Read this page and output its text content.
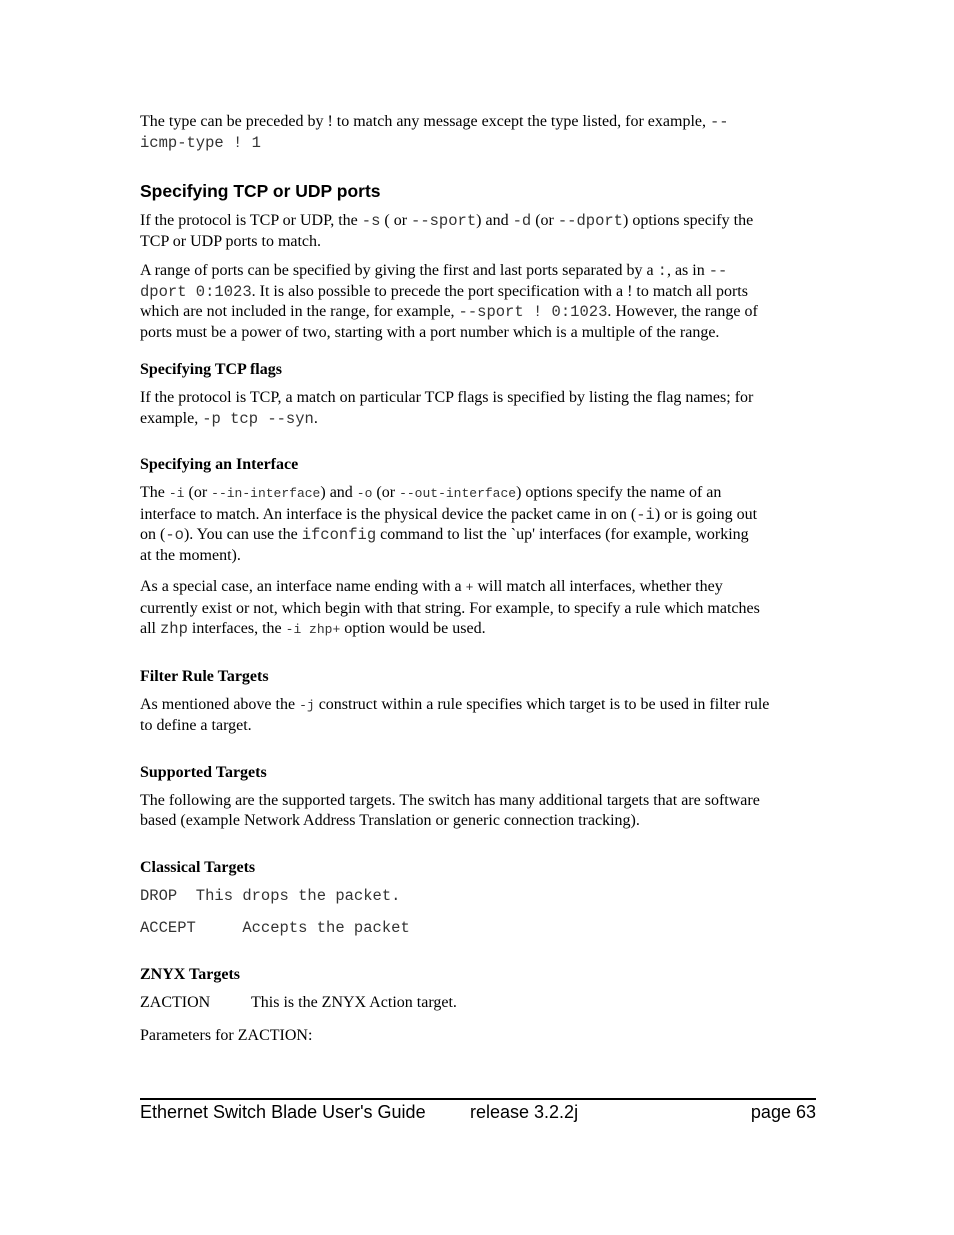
The type can be preceded by ! to match any message except the type listed, for example, --
icmp-type ! 1

Specifying TCP or UDP ports

If the protocol is TCP or UDP, the -s ( or --sport) and -d (or --dport) options specify the
TCP or UDP ports to match.

A range of ports can be specified by giving the first and last ports separated by a :, as in --
dport 0:1023. It is also possible to precede the port specification with a ! to match all ports
which are not included in the range, for example, --sport ! 0:1023. However, the range of
ports must be a power of two, starting with a port number which is a multiple of the range.

Specifying TCP flags

If the protocol is TCP, a match on particular TCP flags is specified by listing the flag names; for
example, -p tcp --syn.

Specifying an Interface

The -i (or --in-interface) and -o (or --out-interface) options specify the name of an
interface to match. An interface is the physical device the packet came in on (-i) or is going out
on (-o). You can use the ifconfig command to list the `up' interfaces (for example, working
at the moment).

As a special case, an interface name ending with a + will match all interfaces, whether they
currently exist or not, which begin with that string. For example, to specify a rule which matches
all zhp interfaces, the -i zhp+ option would be used.

Filter Rule Targets

As mentioned above the -j construct within a rule specifies which target is to be used in filter rule
to define a target.

Supported Targets

The following are the supported targets. The switch has many additional targets that are software
based (example Network Address Translation or generic connection tracking).

Classical Targets

DROP  This drops the packet.

ACCEPT     Accepts the packet

ZNYX Targets
ZACTION	This is the ZNYX Action target.

Parameters for ZACTION:

Ethernet Switch Blade User's Guide release 3.2.2j	page 63
